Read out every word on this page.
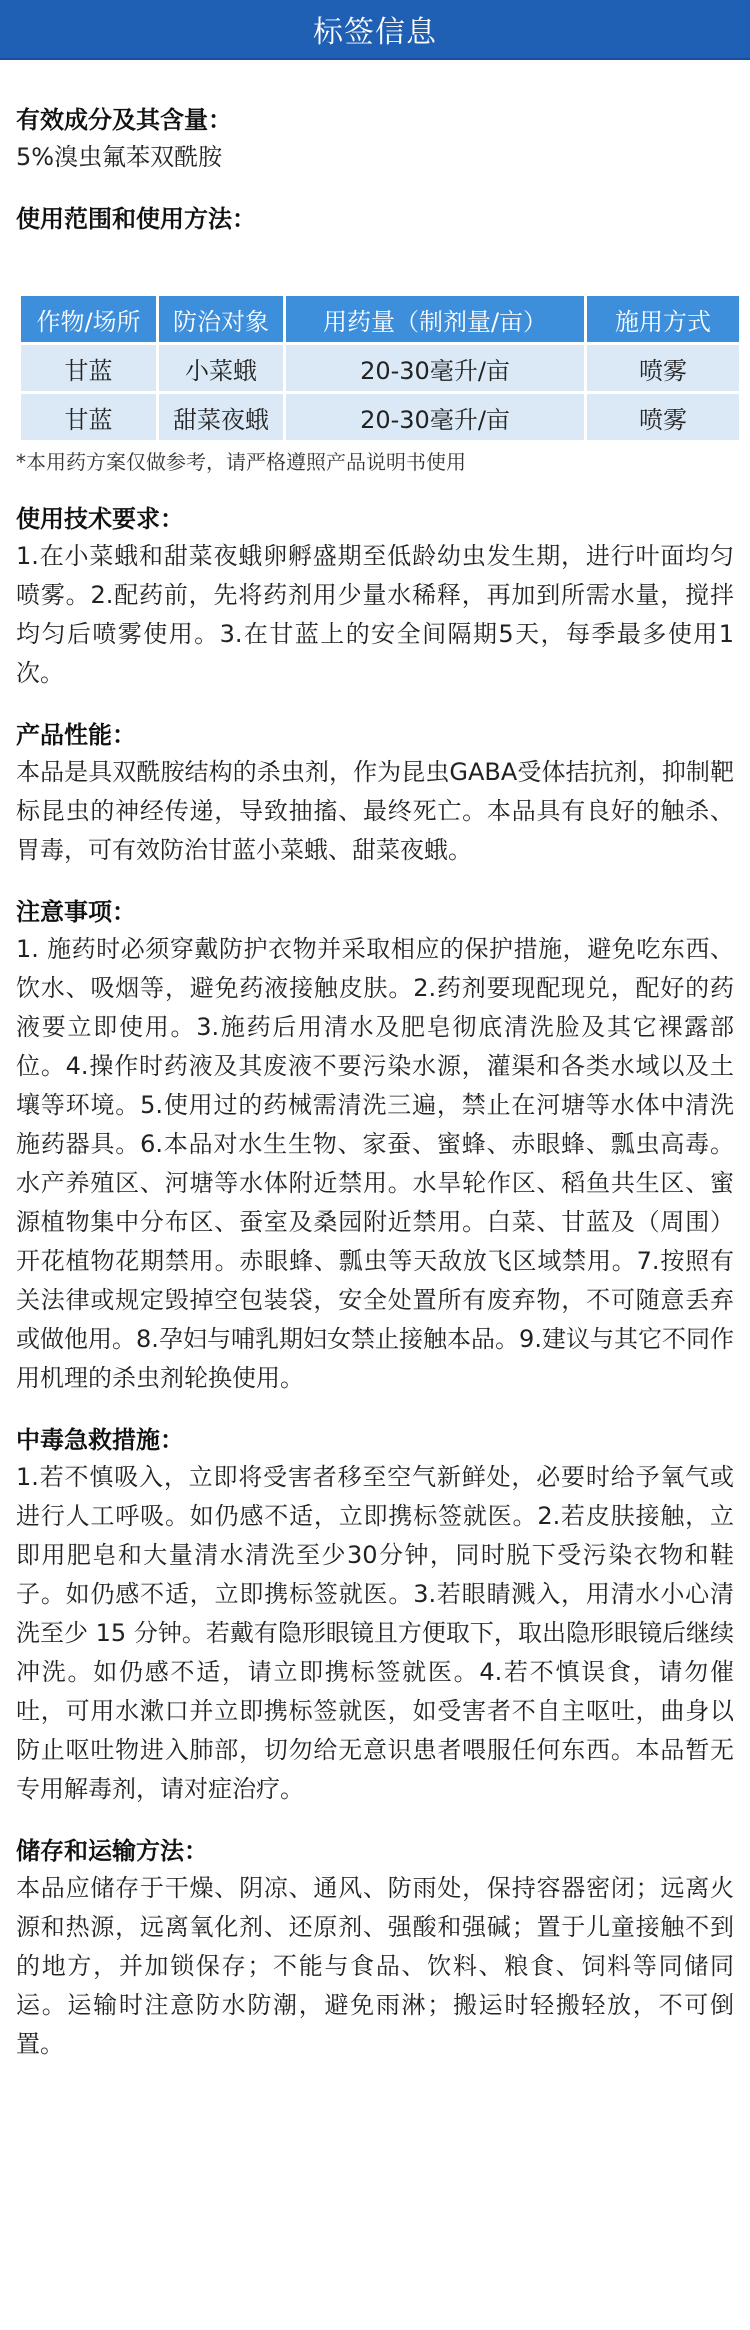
标签信息
有效成分及其含量：
5%溴虫氟苯双酰胺
使用范围和使用方法：
作物/场所	防治对象	用药量（制剂量/亩）	施用方式
甘蓝	小菜蛾	20-30毫升/亩	喷雾
甘蓝	甜菜夜蛾	20-30毫升/亩	喷雾
*本用药方案仅做参考，请严格遵照产品说明书使用
使用技术要求：
1.在小菜蛾和甜菜夜蛾卵孵盛期至低龄幼虫发生期，进行叶面均匀喷雾。2.配药前，先将药剂用少量水稀释，再加到所需水量，搅拌均匀后喷雾使用。3.在甘蓝上的安全间隔期5天，每季最多使用1次。
产品性能：
本品是具双酰胺结构的杀虫剂，作为昆虫GABA受体拮抗剂，抑制靶标昆虫的神经传递，导致抽搐、最终死亡。本品具有良好的触杀、胃毒，可有效防治甘蓝小菜蛾、甜菜夜蛾。
注意事项：
1. 施药时必须穿戴防护衣物并采取相应的保护措施，避免吃东西、饮水、吸烟等，避免药液接触皮肤。2.药剂要现配现兑，配好的药液要立即使用。3.施药后用清水及肥皂彻底清洗脸及其它裸露部位。4.操作时药液及其废液不要污染水源，灌渠和各类水域以及土壤等环境。5.使用过的药械需清洗三遍，禁止在河塘等水体中清洗施药器具。6.本品对水生生物、家蚕、蜜蜂、赤眼蜂、瓢虫高毒。水产养殖区、河塘等水体附近禁用。水旱轮作区、稻鱼共生区、蜜源植物集中分布区、蚕室及桑园附近禁用。白菜、甘蓝及（周围）开花植物花期禁用。赤眼蜂、瓢虫等天敌放飞区域禁用。7.按照有关法律或规定毁掉空包装袋，安全处置所有废弃物，不可随意丢弃或做他用。8.孕妇与哺乳期妇女禁止接触本品。9.建议与其它不同作用机理的杀虫剂轮换使用。
中毒急救措施：
1.若不慎吸入，立即将受害者移至空气新鲜处，必要时给予氧气或进行人工呼吸。如仍感不适，立即携标签就医。2.若皮肤接触，立即用肥皂和大量清水清洗至少30分钟，同时脱下受污染衣物和鞋子。如仍感不适，立即携标签就医。3.若眼睛溅入，用清水小心清洗至少 15 分钟。若戴有隐形眼镜且方便取下，取出隐形眼镜后继续冲洗。如仍感不适，请立即携标签就医。4.若不慎误食，请勿催吐，可用水漱口并立即携标签就医，如受害者不自主呕吐，曲身以防止呕吐物进入肺部，切勿给无意识患者喂服任何东西。本品暂无专用解毒剂，请对症治疗。
储存和运输方法：
本品应储存于干燥、阴凉、通风、防雨处，保持容器密闭；远离火源和热源，远离氧化剂、还原剂、强酸和强碱；置于儿童接触不到的地方，并加锁保存；不能与食品、饮料、粮食、饲料等同储同运。运输时注意防水防潮，避免雨淋；搬运时轻搬轻放，不可倒置。
